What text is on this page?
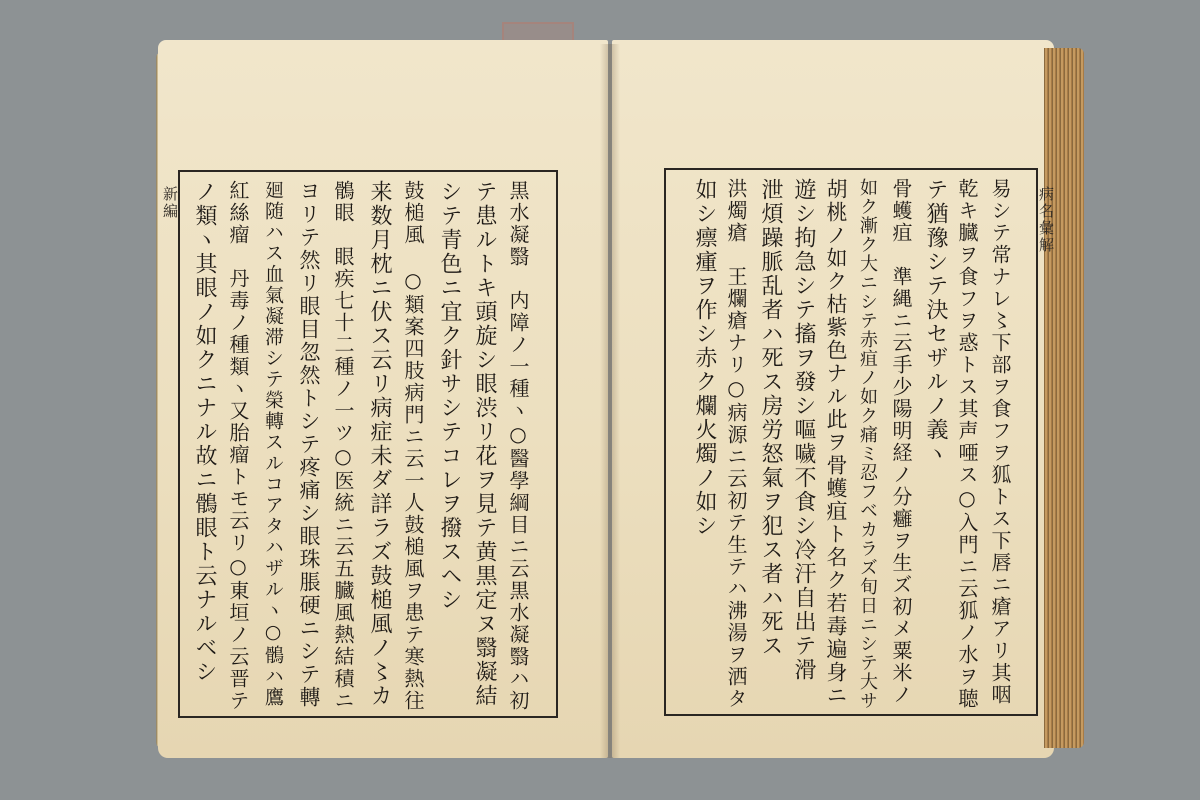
新編	黒水凝翳　内障ノ一種ヽ○醫學綱目ニ云黒水凝翳ハ初
テ患ルトキ頭旋シ眼渋リ花ヲ見テ黄黒定ヌ翳凝結
シテ青色ニ宜ク針サシテコレヲ撥スヘシ
鼓槌風　○類案四肢病門ニ云一人鼓槌風ヲ患テ寒熱往
来数月枕ニ伏ス云リ病症未ダ詳ラズ鼓槌風ノ〻カ
鶻眼　眼疾七十二種ノ一ツ○医統ニ云五臓風熱結積ニ
ヨリテ然リ眼目忽然トシテ疼痛シ眼珠脹硬ニシテ轉
廻随ハス血氣凝滞シテ榮轉スルコアタハザルヽ○鶻ハ鷹
紅絲瘤　丹毒ノ種類ヽ又胎瘤トモ云リ○東垣ノ云晋テ
ノ類ヽ其眼ノ如クニナル故ニ鶻眼ト云ナルベシ	病名彙解
易シテ常ナレ〻下部ヲ食フヲ狐トス下唇ニ瘡アリ其咽
乾キ臓ヲ食フヲ惑トス其声唖ス○入門ニ云狐ノ水ヲ聴
テ猶豫シテ決セザルノ義ヽ
骨蠖疽　準縄ニ云手少陽明経ノ分癰ヲ生ズ初メ粟米ノ
如ク漸ク大ニシテ赤疽ノ如ク痛ミ忍フベカラズ旬日ニシテ大サ
胡桃ノ如ク枯紫色ナル此ヲ骨蠖疽ト名ク若毒遍身ニ
遊シ拘急シテ搐ヲ發シ嘔噦不食シ冷汗自出テ滑
泄煩躁脈乱者ハ死ス房労怒氣ヲ犯ス者ハ死ス
洪燭瘡　王爛瘡ナリ○病源ニ云初テ生テハ沸湯ヲ洒タ
如シ瘭瘇ヲ作シ赤ク爛火燭ノ如シ
